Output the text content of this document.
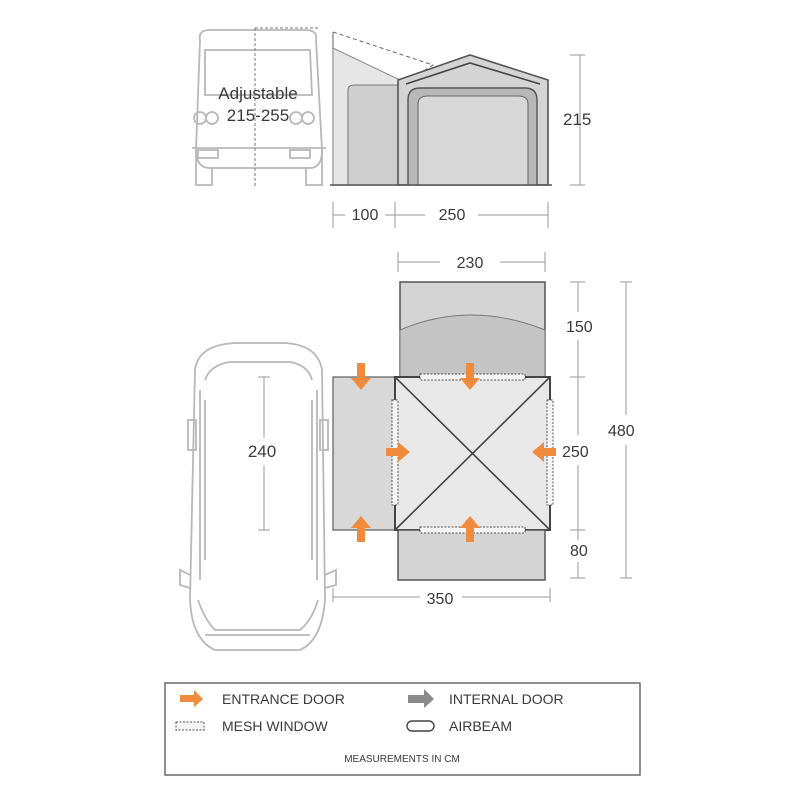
Adjustable
215-255	215
100	250
230
240
150
250
80
480
350
ENTRANCE DOOR	INTERNAL DOOR
MESH WINDOW	AIRBEAM
MEASUREMENTS IN CM
